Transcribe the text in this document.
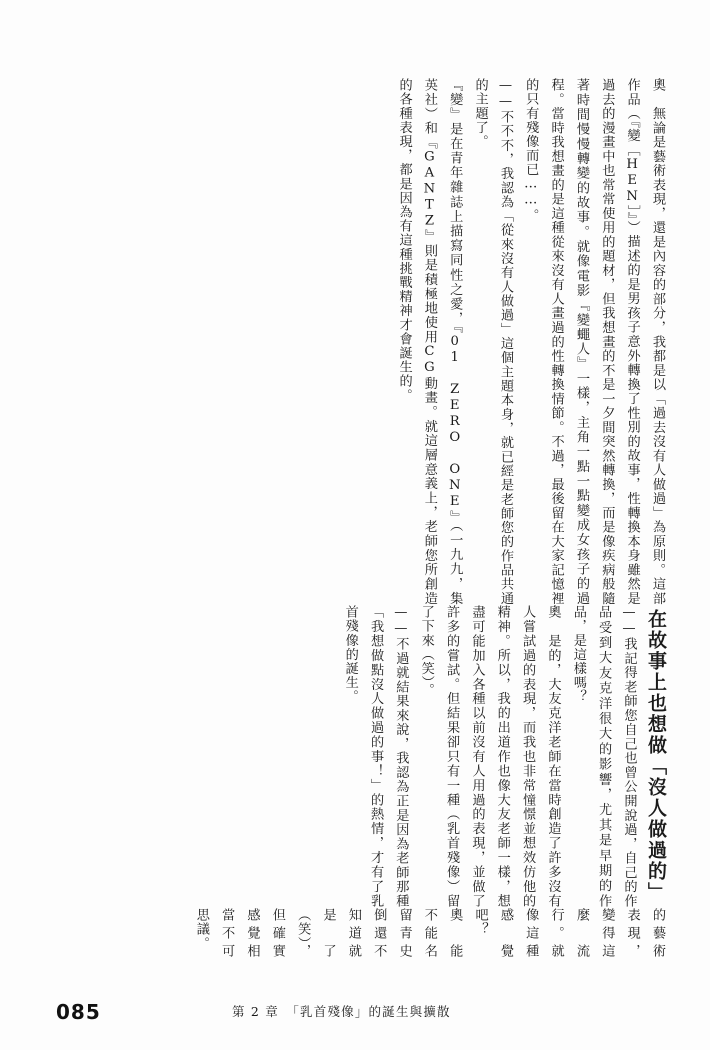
奧　無論是藝術表現，還是內容的部分，我都是以「過去沒有人做過」為原則。這部作品（『變［HEN］』）描述的是男孩子意外轉換了性別的故事，性轉換本身雖然是過去的漫畫中也常常使用的題材，但我想畫的不是一夕間突然轉換，而是像疾病般隨著時間慢慢轉變的故事。就像電影『變蠅人』一樣，主角一點一點變成女孩子的過程。當時我想畫的是這種從來沒有人畫過的性轉換情節。不過，最後留在大家記憶裡的只有殘像而已……。

——不不不，我認為「從來沒有人做過」這個主題本身，就已經是老師您的作品共通的主題了。

『變』是在青年雜誌上描寫同性之愛，『01 ZERO ONE』（一九九，集英社）和『GANTZ』則是積極地使用CG動畫。就這層意義上，老師您所創造的各種表現，都是因為有這種挑戰精神才會誕生的。

在故事上也想做「沒人做過的」

——我記得老師您自己也曾公開說過，自己的作品受到大友克洋很大的影響，尤其是早期的作品，是這樣嗎？

奧　是的，大友克洋老師在當時創造了許多沒有人嘗試過的表現，而我也非常憧憬並想效仿他的精神。所以，我的出道作也像大友老師一樣，想盡可能加入各種以前沒有人用過的表現，並做了許多的嘗試。但結果卻只有一種（乳首殘像）留了下來（笑）。

——不過就結果來說，我認為正是因為老師那種「我想做點沒人做過的事！」的熱情，才有了乳首殘像的誕生。

的藝術表現，變得這麼流行。就像這種感覺吧？

奧　能不能名留青史倒還不知道就是了（笑），但確實感覺相當不可思議。

085	第 2 章　「乳首殘像」的誕生與擴散
